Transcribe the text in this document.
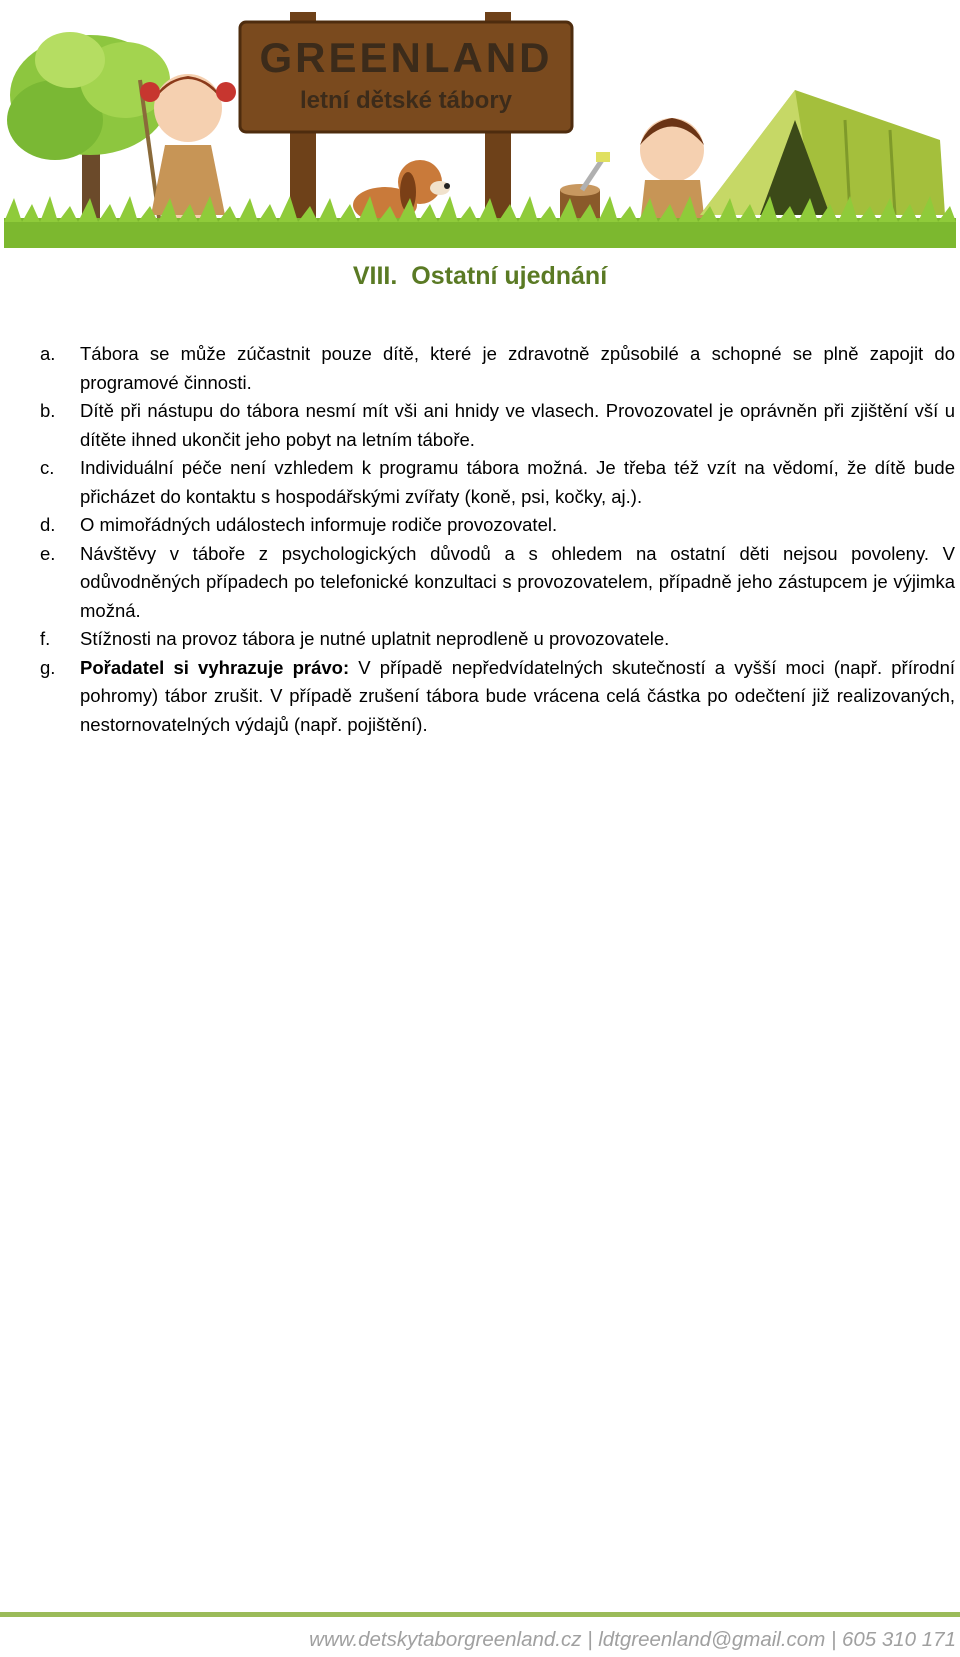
GREENLAND
letní dětské tábory
VIII. Ostatní ujednání
a. Tábora se může zúčastnit pouze dítě, které je zdravotně způsobilé a schopné se plně zapojit do programové činnosti.
b. Dítě při nástupu do tábora nesmí mít vši ani hnidy ve vlasech. Provozovatel je oprávněn při zjištění vší u dítěte ihned ukončit jeho pobyt na letním táboře.
c. Individuální péče není vzhledem k programu tábora možná. Je třeba též vzít na vědomí, že dítě bude přicházet do kontaktu s hospodářskými zvířaty (koně, psi, kočky, aj.).
d. O mimořádných událostech informuje rodiče provozovatel.
e. Návštěvy v táboře z psychologických důvodů a s ohledem na ostatní děti nejsou povoleny. V odůvodněných případech po telefonické konzultaci s provozovatelem, případně jeho zástupcem je výjimka možná.
f. Stížnosti na provoz tábora je nutné uplatnit neprodleně u provozovatele.
g. Pořadatel si vyhrazuje právo: V případě nepředvídatelných skutečností a vyšší moci (např. přírodní pohromy) tábor zrušit. V případě zrušení tábora bude vrácena celá částka po odečtení již realizovaných, nestornovatelných výdajů (např. pojištění).
www.detskytaborgreenland.cz | ldtgreenland@gmail.com | 605 310 171
